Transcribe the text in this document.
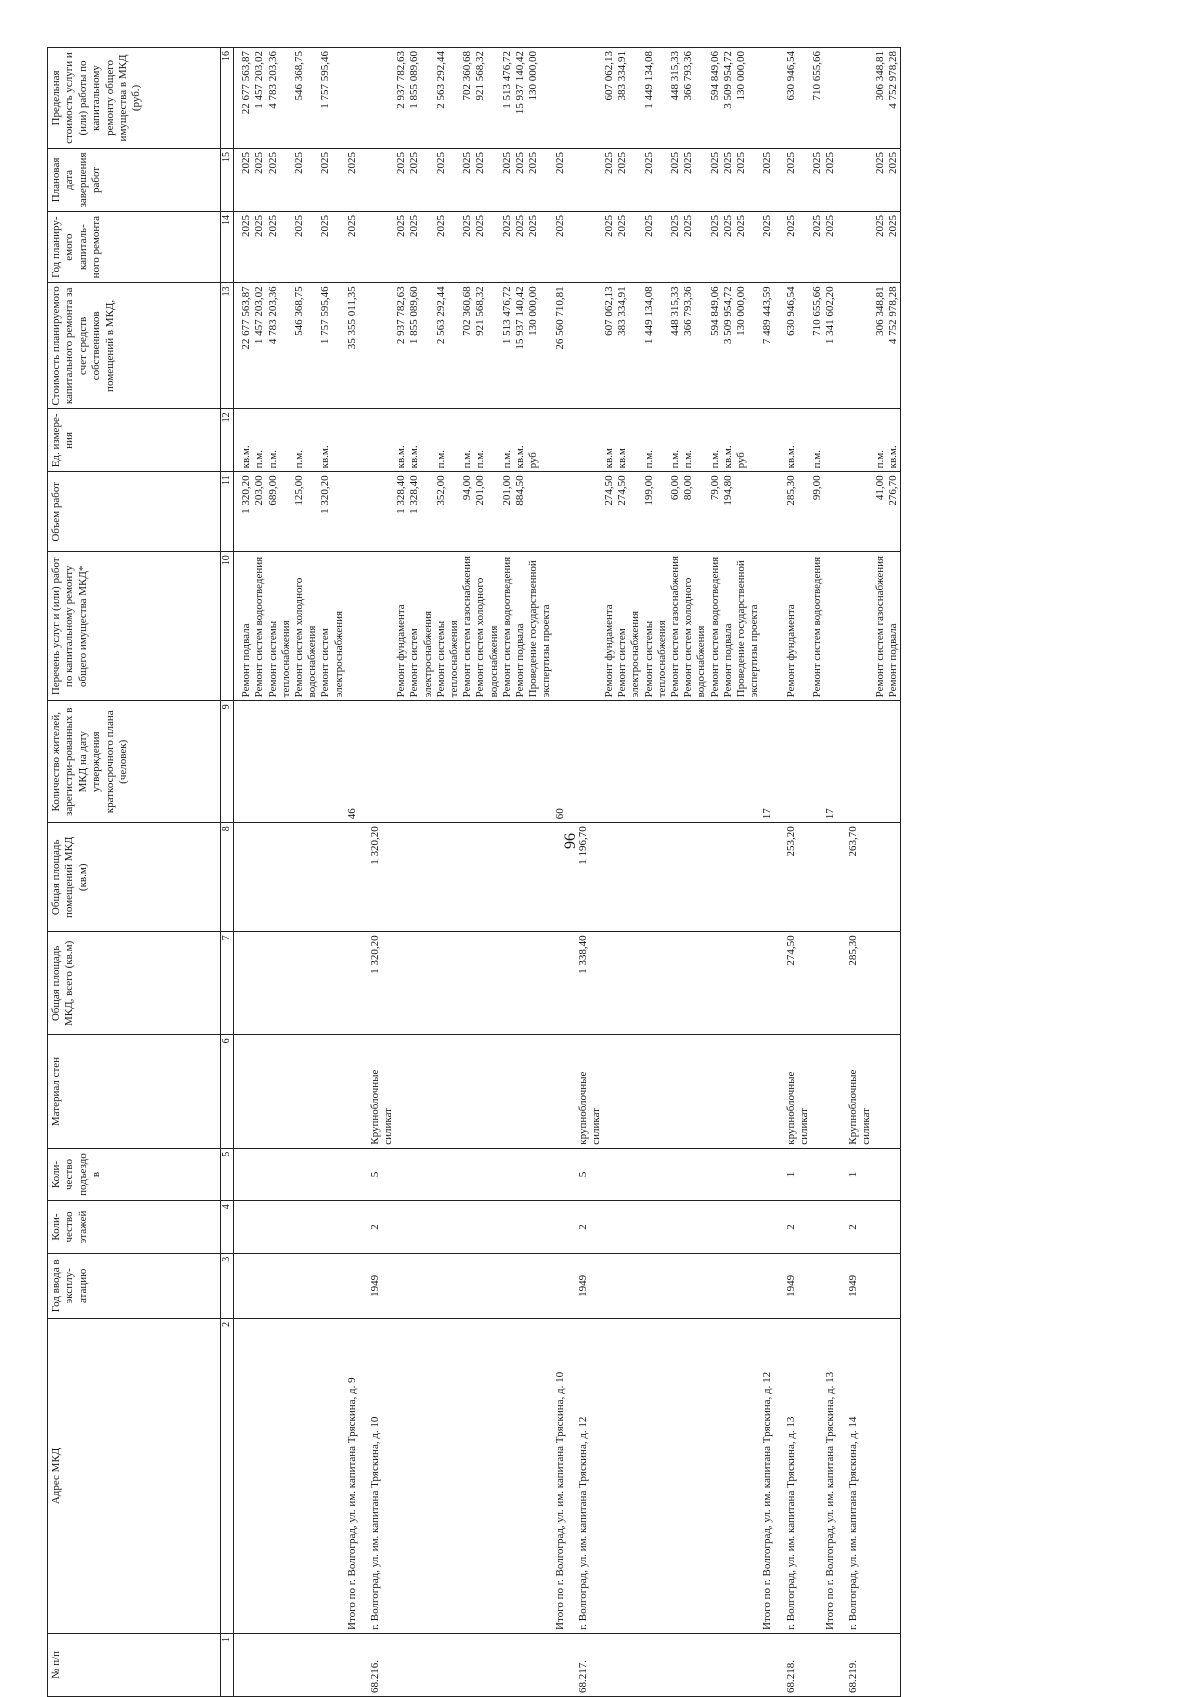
96
№ п/п	Адрес МКД	Год ввода в эксплу-атацию	Коли-чество этажей	Коли-чество подъездо в	Материал стен	Общая площадь МКД, всего (кв.м)	Общая площадь помещений МКД (кв.м)	Количество жителей, зарегистри-рованных в МКД на дату утверждения краткосрочного плана (человек)	Перечень услуг и (или) работ по капитальному ремонту общего имущества МКД*	Объем работ	Ед. измере-ния	Стоимость планируемого капитального ремонта за счет средств собственников помещений в МКД,	Год планиру-емого капиталь-ного ремонта	Плановая дата завершения работ	Предельная стоимость услуги и (или) работы по капитальному ремонту общего имущества в МКД (руб.)
1	2	3	4	5	6	7	8	9	10	11	12	13	14	15	16

									Ремонт подвала	1 320,20	кв.м.	22 677 563,87	2025	2025	22 677 563,87
									Ремонт систем водоотведения	203,00	п.м.	1 457 203,02	2025	2025	1 457 203,02
									Ремонт системы теплоснабжения	689,00	п.м.	4 783 203,36	2025	2025	4 783 203,36
									Ремонт систем холодного водоснабжения	125,00	п.м.	546 368,75	2025	2025	546 368,75
									Ремонт систем электроснабжения	1 320,20	кв.м.	1 757 595,46	2025	2025	1 757 595,46
	Итого по г. Волгоград, ул. им. капитана Тряскина, д. 9							46				35 355 011,35	2025	2025	

68.216.	г. Волгоград, ул. им. капитана Тряскина, д. 10	1949	2	5	Крупноблочные силикат	1 320,20	1 320,20								
									Ремонт фундамента	1 328,40	кв.м.	2 937 782,63	2025	2025	2 937 782,63
									Ремонт систем электроснабжения	1 328,40	кв.м.	1 855 089,60	2025	2025	1 855 089,60
									Ремонт системы теплоснабжения	352,00	п.м.	2 563 292,44	2025	2025	2 563 292,44
									Ремонт систем газоснабжения	94,00	п.м.	702 360,68	2025	2025	702 360,68
									Ремонт систем холодного водоснабжения	201,00	п.м.	921 568,32	2025	2025	921 568,32
									Ремонт систем водоотведения	201,00	п.м.	1 513 476,72	2025	2025	1 513 476,72
									Ремонт подвала	884,50	кв.м.	15 937 140,42	2025	2025	15 937 140,42
									Проведение государственной экспертизы проекта		руб	130 000,00	2025	2025	130 000,00
	Итого по г. Волгоград, ул. им. капитана Тряскина, д. 10							60				26 560 710,81	2025	2025	

68.217.	г. Волгоград, ул. им. капитана Тряскина, д. 12	1949	2	5	крупноблочные силикат	1 338,40	1 196,70								
									Ремонт фундамента	274,50	кв.м	607 062,13	2025	2025	607 062,13
									Ремонт систем электроснабжения	274,50	кв.м	383 334,91	2025	2025	383 334,91
									Ремонт системы теплоснабжения	199,00	п.м.	1 449 134,08	2025	2025	1 449 134,08
									Ремонт систем газоснабжения	60,00	п.м.	448 315,33	2025	2025	448 315,33
									Ремонт систем холодного водоснабжения	80,00	п.м.	366 793,36	2025	2025	366 793,36
									Ремонт систем водоотведения	79,00	п.м.	594 849,06	2025	2025	594 849,06
									Ремонт подвала	194,80	кв.м.	3 509 954,72	2025	2025	3 509 954,72
									Проведение государственной экспертизы проекта		руб	130 000,00	2025	2025	130 000,00
	Итого по г. Волгоград, ул. им. капитана Тряскина, д. 12							17				7 489 443,59	2025	2025	

68.218.	г. Волгоград, ул. им. капитана Тряскина, д. 13	1949	2	1	крупноблочные силикат	274,50	253,20		Ремонт фундамента	285,30	кв.м.	630 946,54	2025	2025	630 946,54
									Ремонт систем водоотведения	99,00	п.м.	710 655,66	2025	2025	710 655,66
	Итого по г. Волгоград, ул. им. капитана Тряскина, д. 13							17				1 341 602,20	2025	2025	

68.219.	г. Волгоград, ул. им. капитана Тряскина, д. 14	1949	2	1	Крупноблочные силикат	285,30	263,70								
									Ремонт систем газоснабжения	41,00	п.м.	306 348,81	2025	2025	306 348,81
									Ремонт подвала	276,70	кв.м.	4 752 978,28	2025	2025	4 752 978,28
